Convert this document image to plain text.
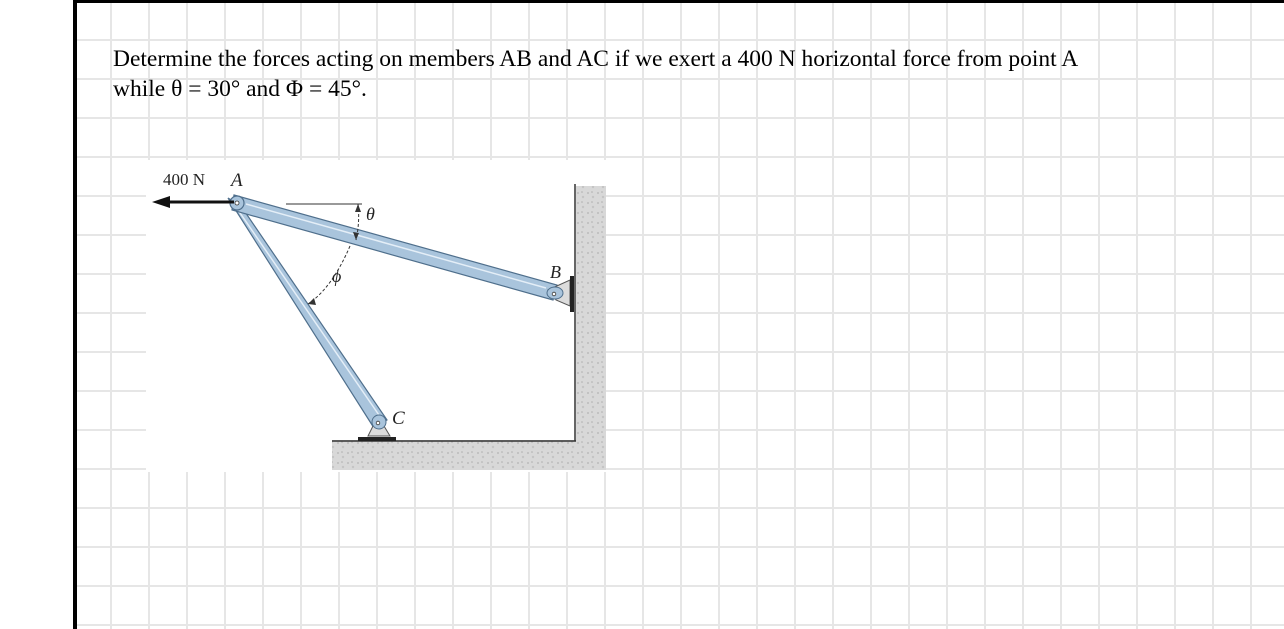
Determine the forces acting on members AB and AC if we exert a 400 N horizontal force from point A
while θ = 30° and Φ = 45°.

400 N A
B
C
θ
ϕ
